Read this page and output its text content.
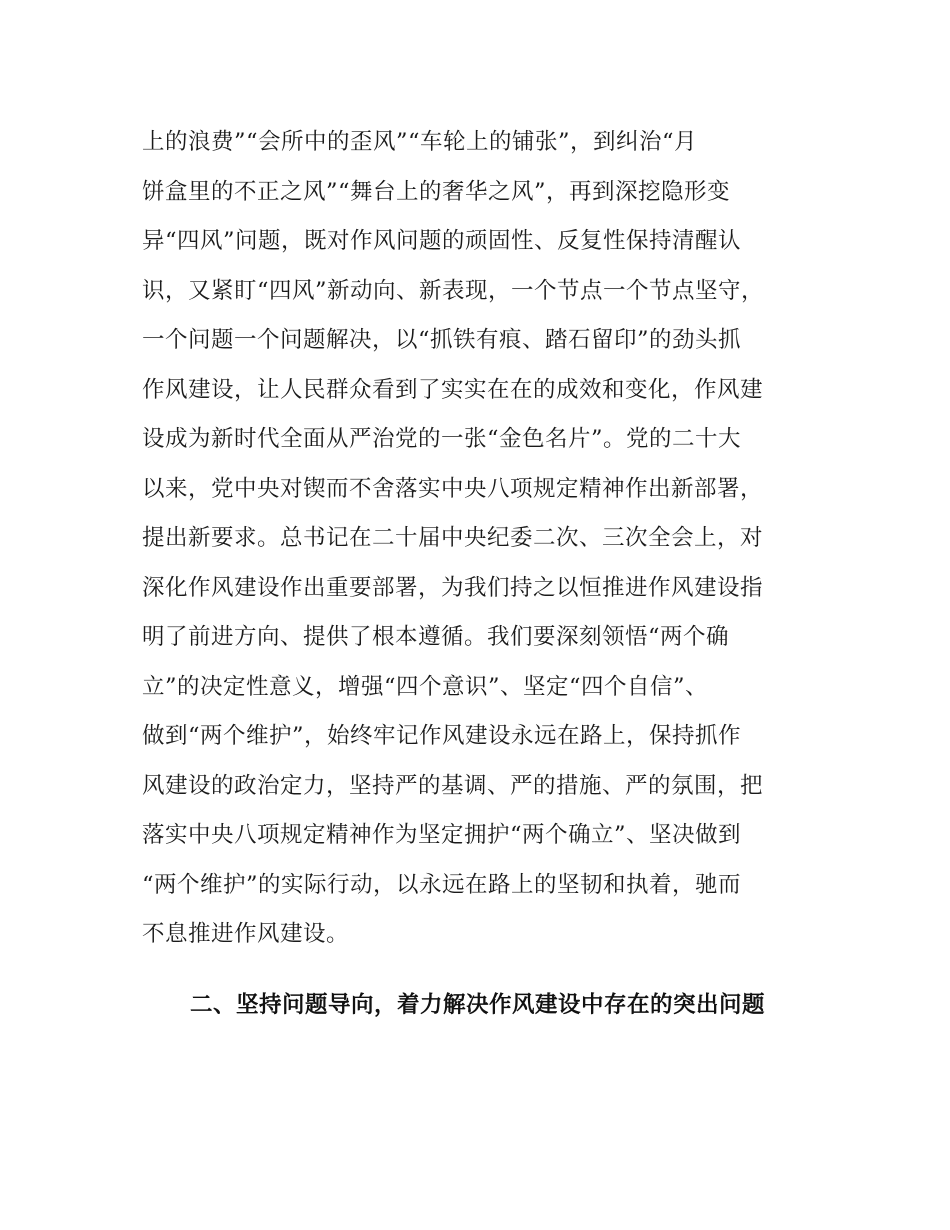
上的浪费”“会所中的歪风”“车轮上的铺张”，到纠治“月
饼盒里的不正之风”“舞台上的奢华之风”，再到深挖隐形变
异“四风”问题，既对作风问题的顽固性、反复性保持清醒认
识，又紧盯“四风”新动向、新表现，一个节点一个节点坚守，
一个问题一个问题解决，以“抓铁有痕、踏石留印”的劲头抓
作风建设，让人民群众看到了实实在在的成效和变化，作风建
设成为新时代全面从严治党的一张“金色名片”。党的二十大
以来，党中央对锲而不舍落实中央八项规定精神作出新部署，
提出新要求。总书记在二十届中央纪委二次、三次全会上，对
深化作风建设作出重要部署，为我们持之以恒推进作风建设指
明了前进方向、提供了根本遵循。我们要深刻领悟“两个确
立”的决定性意义，增强“四个意识”、坚定“四个自信”、
做到“两个维护”，始终牢记作风建设永远在路上，保持抓作
风建设的政治定力，坚持严的基调、严的措施、严的氛围，把
落实中央八项规定精神作为坚定拥护“两个确立”、坚决做到
“两个维护”的实际行动，以永远在路上的坚韧和执着，驰而
不息推进作风建设。
二、坚持问题导向，着力解决作风建设中存在的突出问题
